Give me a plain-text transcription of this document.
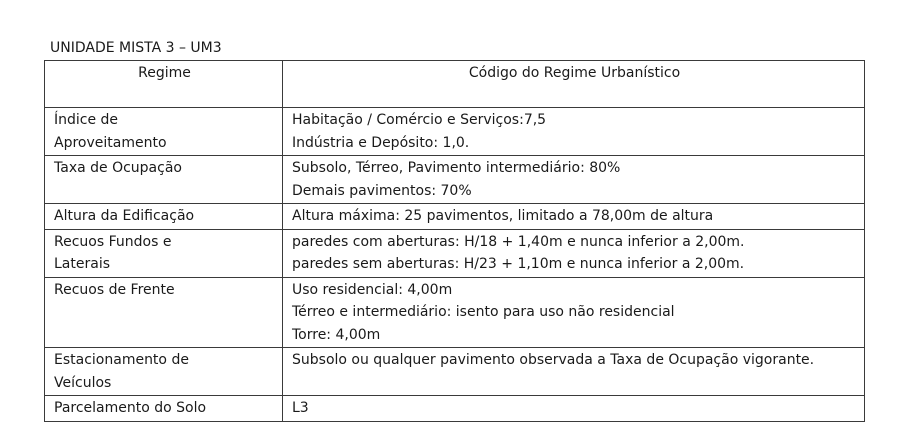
UNIDADE MISTA 3 – UM3
Regime	Código do Regime Urbanístico

Índice de
Aproveitamento	Habitação / Comércio e Serviços:7,5
Indústria e Depósito: 1,0.

Taxa de Ocupação	Subsolo, Térreo, Pavimento intermediário: 80%
Demais pavimentos: 70%

Altura da Edificação	Altura máxima: 25 pavimentos, limitado a 78,00m de altura

Recuos Fundos e
Laterais	paredes com aberturas: H/18 + 1,40m e nunca inferior a 2,00m.
paredes sem aberturas: H/23 + 1,10m e nunca inferior a 2,00m.

Recuos de Frente	Uso residencial: 4,00m
Térreo e intermediário: isento para uso não residencial
Torre: 4,00m

Estacionamento de
Veículos	Subsolo ou qualquer pavimento observada a Taxa de Ocupação vigorante.

Parcelamento do Solo	L3
